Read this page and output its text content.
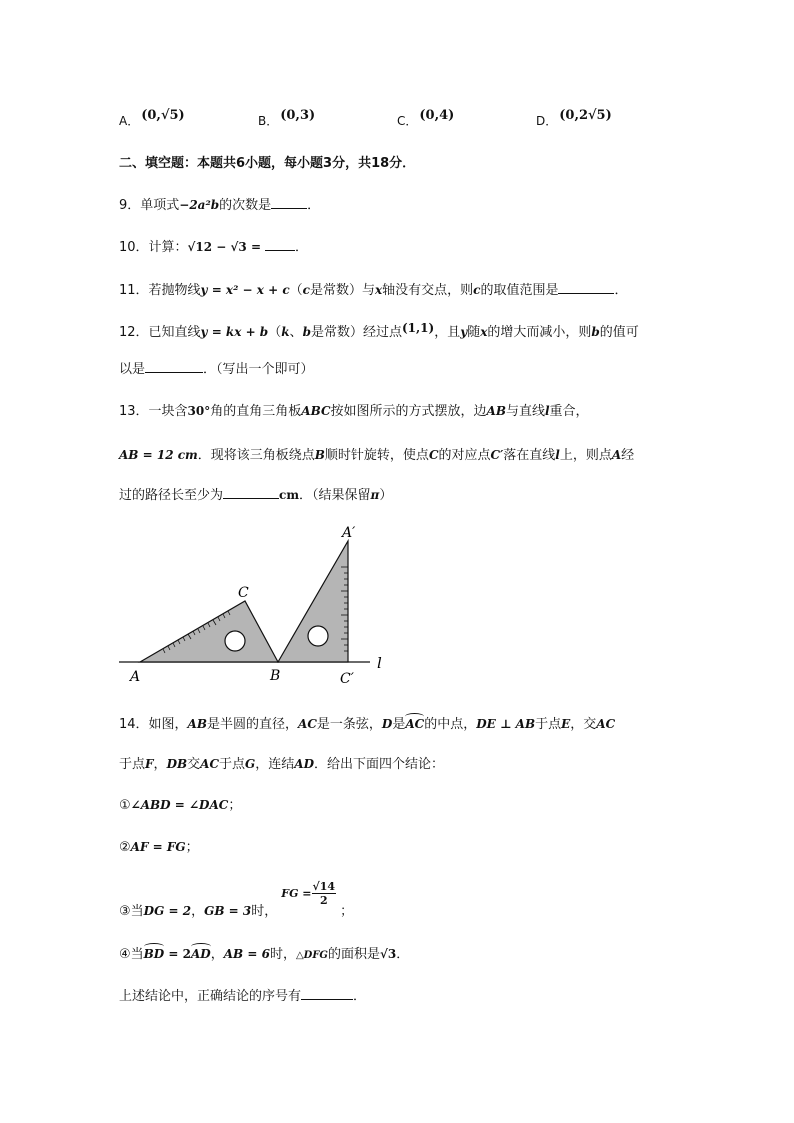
A． (0,√5)	B． (0,3)	C． (0,4)	D． (0,2√5)
二、填空题：本题共6小题，每小题3分，共18分．
9．单项式−2a²b的次数是	．
10．计算：√12 − √3 =	．
11．若抛物线y = x² − x + c（c是常数）与x轴没有交点，则c的取值范围是	．
12．已知直线y = kx + b（k、b是常数）经过点(1,1)，且y随x的增大而减小，则b的值可
以是	．（写出一个即可）
13．一块含30°角的直角三角板ABC按如图所示的方式摆放，边AB与直线l重合，
AB = 12 cm．现将该三角板绕点B顺时针旋转，使点C的对应点C′落在直线l上，则点A经
过的路径长至少为	cm．（结果保留π）
A	B
C
A′
C′
l
14．如图，AB是半圆的直径，AC是一条弦，D是AC的中点，DE ⊥ AB于点E，交AC
于点F，DB交AC于点G，连结AD．给出下面四个结论：
①∠ABD = ∠DAC；
②AF = FG；
③当DG = 2，GB = 3时，FG = $\frac{√14}{2}$
；
④当BD = 2AD，AB = 6时，△DFG的面积是√3．
上述结论中，正确结论的序号有	．
